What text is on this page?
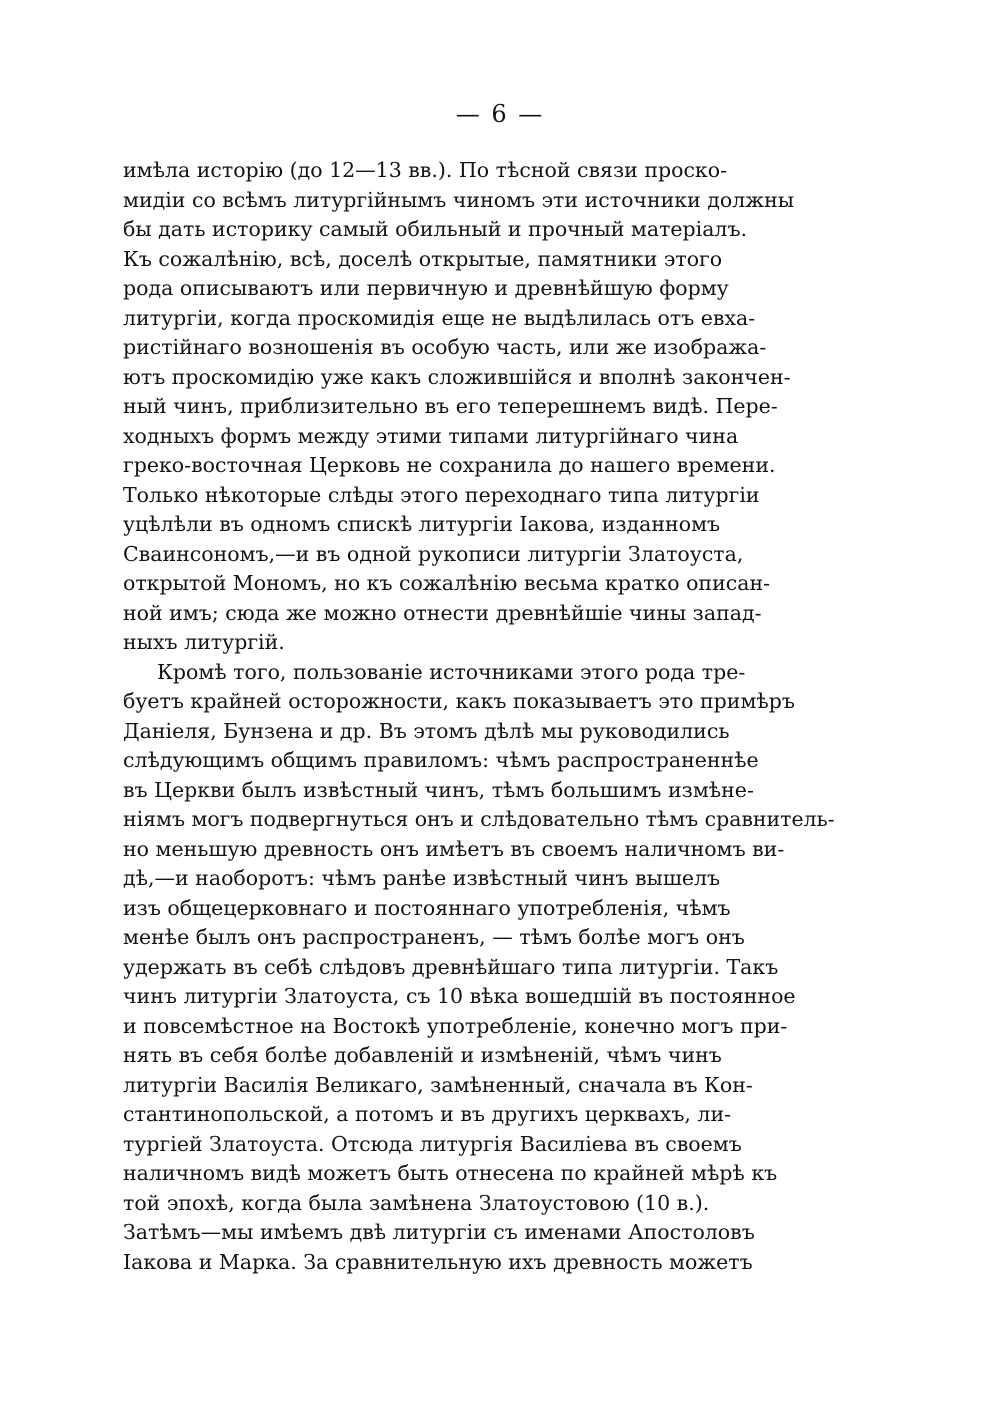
— 6 —
имѣла исторію (до 12—13 вв.). По тѣсной связи проско-
мидіи со всѣмъ литургійнымъ чиномъ эти источники должны
бы дать историку самый обильный и прочный матеріалъ.
Къ сожалѣнію, всѣ, доселѣ открытые, памятники этого
рода описываютъ или первичную и древнѣйшую форму
литургіи, когда проскомидія еще не выдѣлилась отъ евха-
ристійнаго возношенія въ особую часть, или же изобража-
ютъ проскомидію уже какъ сложившійся и вполнѣ закончен-
ный чинъ, приблизительно въ его теперешнемъ видѣ. Пере-
ходныхъ формъ между этими типами литургійнаго чина
греко-восточная Церковь не сохранила до нашего времени.
Только нѣкоторые слѣды этого переходнаго типа литургіи
уцѣлѣли въ одномъ спискѣ литургіи Іакова, изданномъ
Сваинсономъ,—и въ одной рукописи литургіи Златоуста,
открытой Мономъ, но къ сожалѣнію весьма кратко описан-
ной имъ; сюда же можно отнести древнѣйшіе чины запад-
ныхъ литургій.
Кромѣ того, пользованіе источниками этого рода тре-
буетъ крайней осторожности, какъ показываетъ это примѣръ
Даніеля, Бунзена и др. Въ этомъ дѣлѣ мы руководились
слѣдующимъ общимъ правиломъ: чѣмъ распространеннѣе
въ Церкви былъ извѣстный чинъ, тѣмъ большимъ измѣне-
ніямъ могъ подвергнуться онъ и слѣдовательно тѣмъ сравнитель-
но меньшую древность онъ имѣетъ въ своемъ наличномъ ви-
дѣ,—и наоборотъ: чѣмъ ранѣе извѣстный чинъ вышелъ
изъ общецерковнаго и постояннаго употребленія, чѣмъ
менѣе былъ онъ распространенъ, — тѣмъ болѣе могъ онъ
удержать въ себѣ слѣдовъ древнѣйшаго типа литургіи. Такъ
чинъ литургіи Златоуста, съ 10 вѣка вошедшій въ постоянное
и повсемѣстное на Востокѣ употребленіе, конечно могъ при-
нять въ себя болѣе добавленій и измѣненій, чѣмъ чинъ
литургіи Василія Великаго, замѣненный, сначала въ Кон-
стантинопольской, а потомъ и въ другихъ церквахъ, ли-
тургіей Златоуста. Отсюда литургія Василіева въ своемъ
наличномъ видѣ можетъ быть отнесена по крайней мѣрѣ къ
той эпохѣ, когда была замѣнена Златоустовою (10 в.).
Затѣмъ—мы имѣемъ двѣ литургіи съ именами Апостоловъ
Іакова и Марка. За сравнительную ихъ древность можетъ
